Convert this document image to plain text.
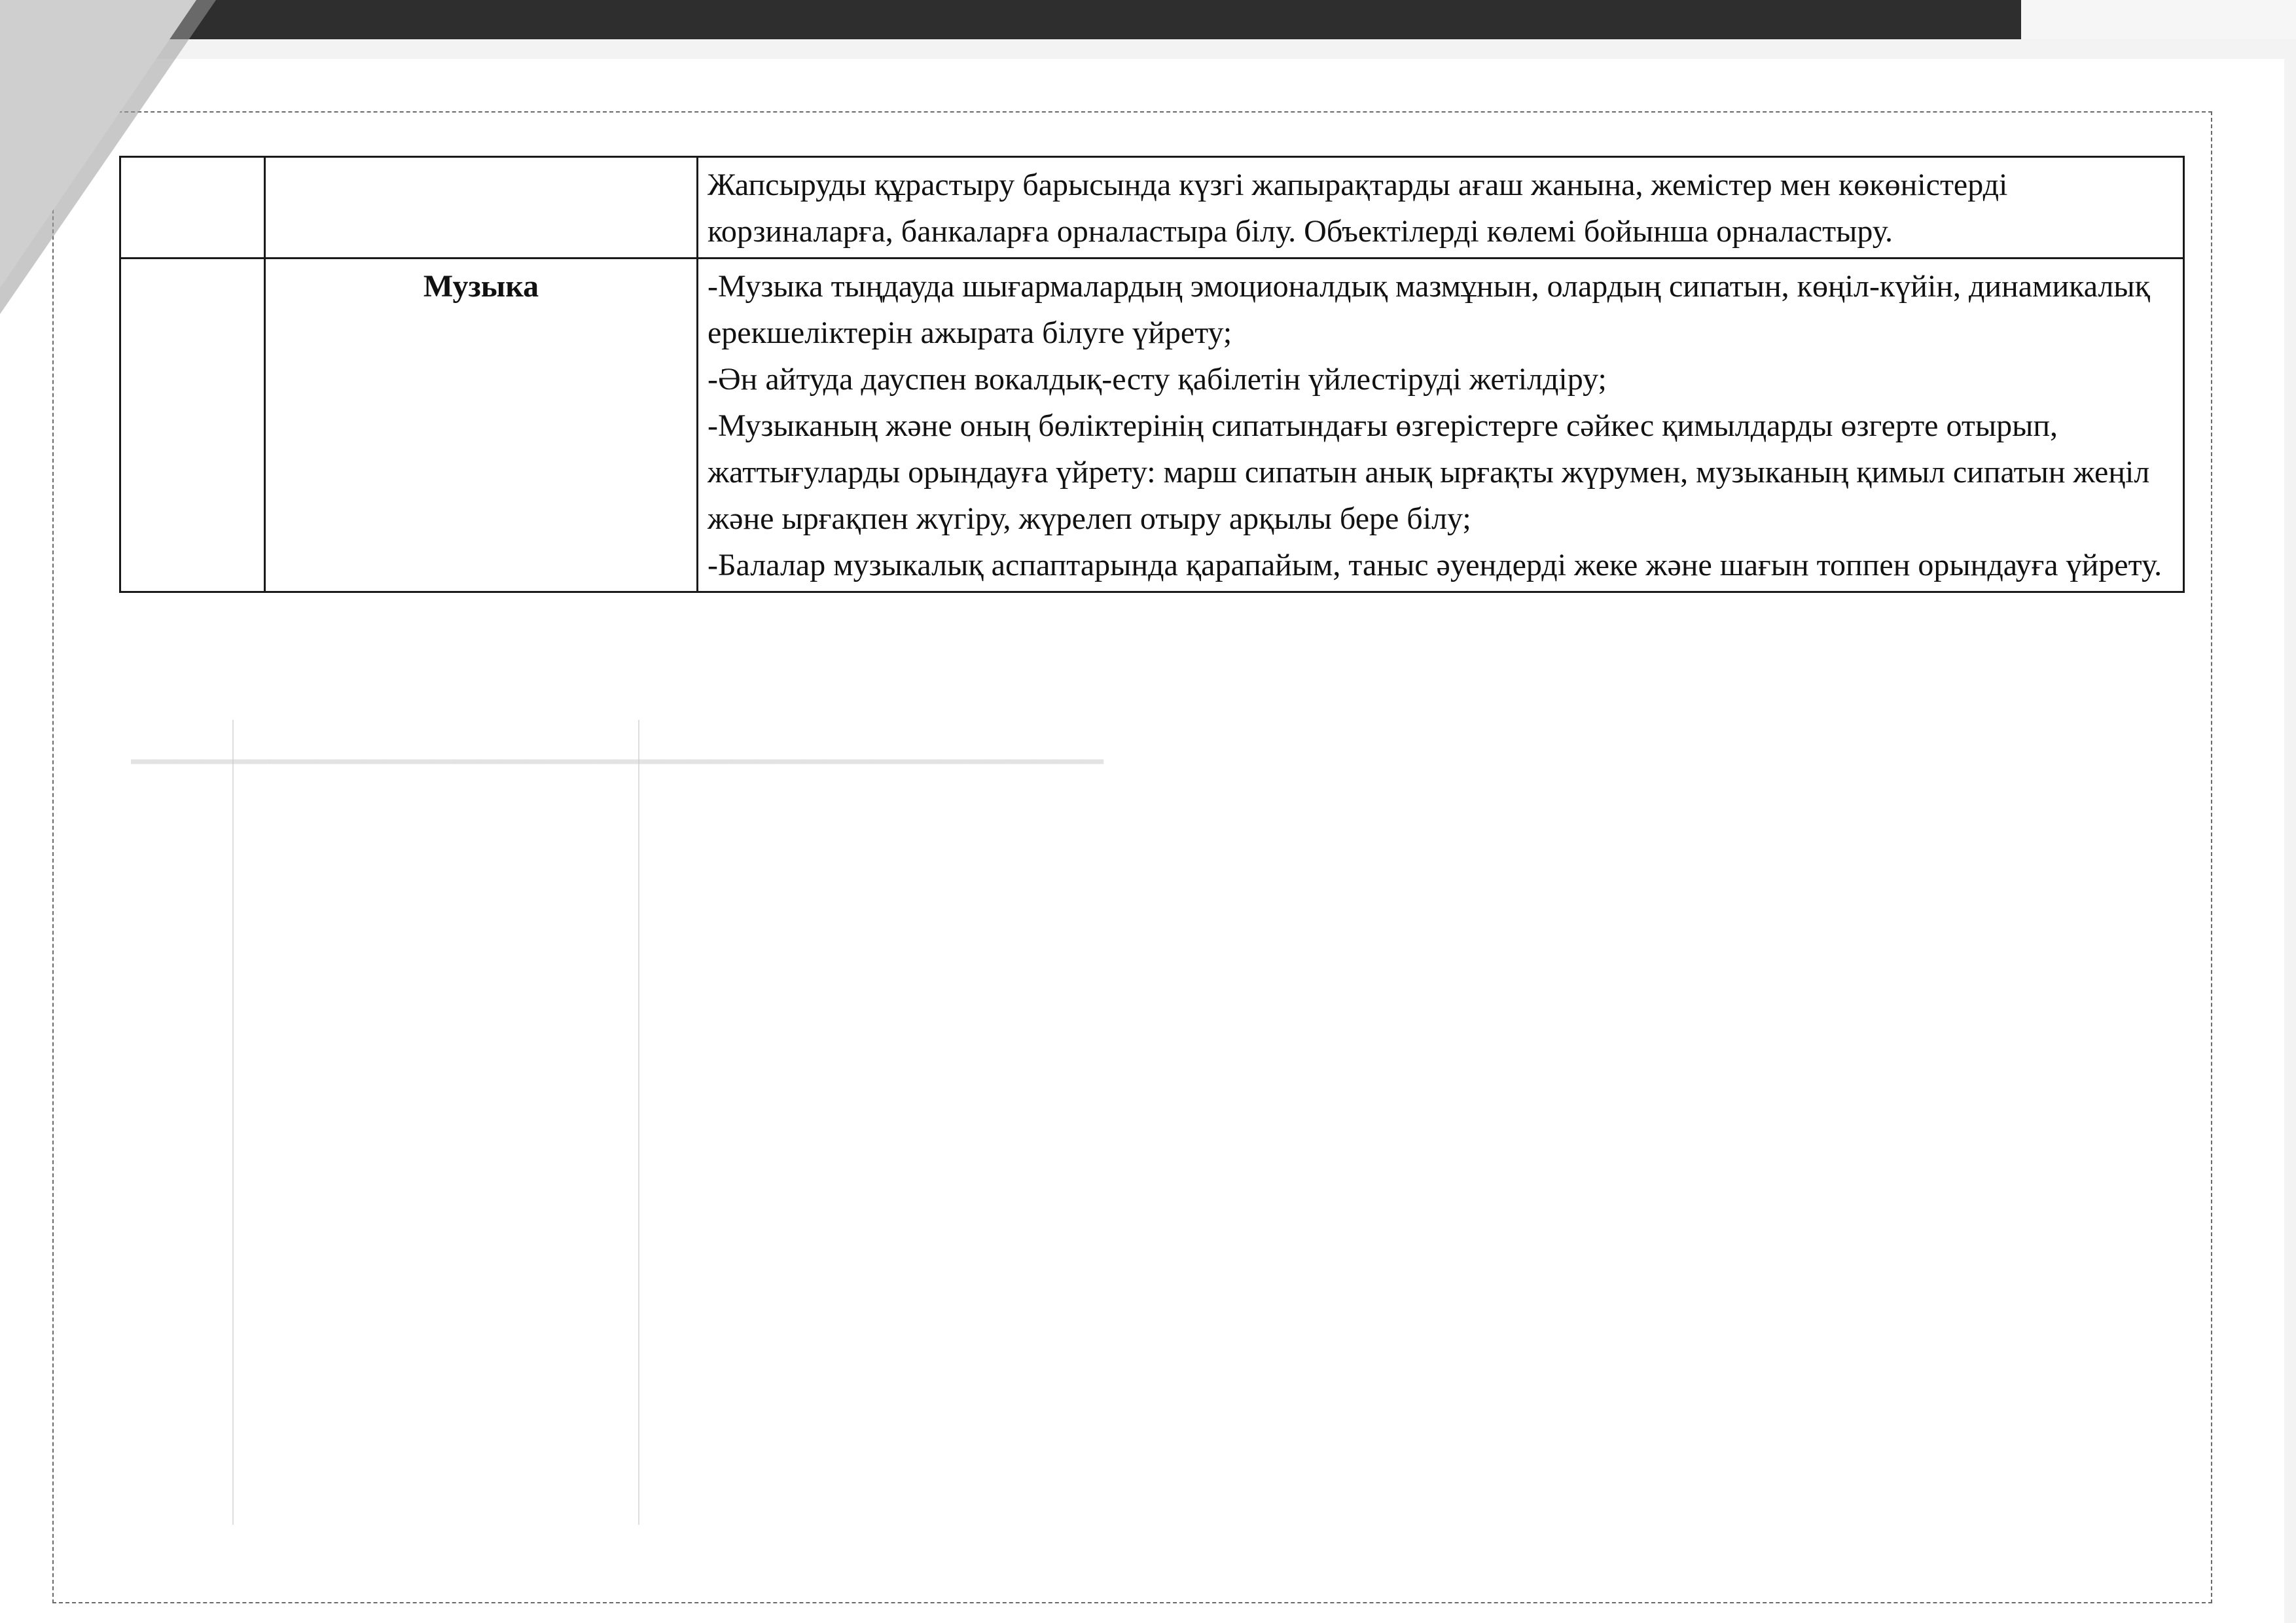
▁▁▁▁▁▁▁▁▁▁▁▁▁▁▁▁▁▁▁▁▁▁▁▁▁▁▁▁▁▁▁▁▁▁▁▁▁▁▁▁▁▁

		Жапсыруды құрастыру барысында күзгі жапырақтарды ағаш жанына, жемістер мен көкөністерді корзиналарға, банкаларға орналастыра білу. Объектілерді көлемі бойынша орналастыру.

	Музыка	-Музыка тыңдауда шығармалардың эмоционалдық мазмұнын, олардың сипатын, көңіл-күйін, динамикалық ерекшеліктерін ажырата білуге үйрету;
-Ән айтуда дауспен вокалдық-есту қабілетін үйлестіруді жетілдіру;
-Музыканың және оның бөліктерінің сипатындағы өзгерістерге сәйкес қимылдарды өзгерте отырып, жаттығуларды орындауға үйрету: марш сипатын анық ырғақты жүрумен, музыканың қимыл сипатын жеңіл және ырғақпен жүгіру, жүрелеп отыру арқылы бере білу;
-Балалар музыкалық аспаптарында қарапайым, таныс әуендерді жеке және шағын топпен орындауға үйрету.
